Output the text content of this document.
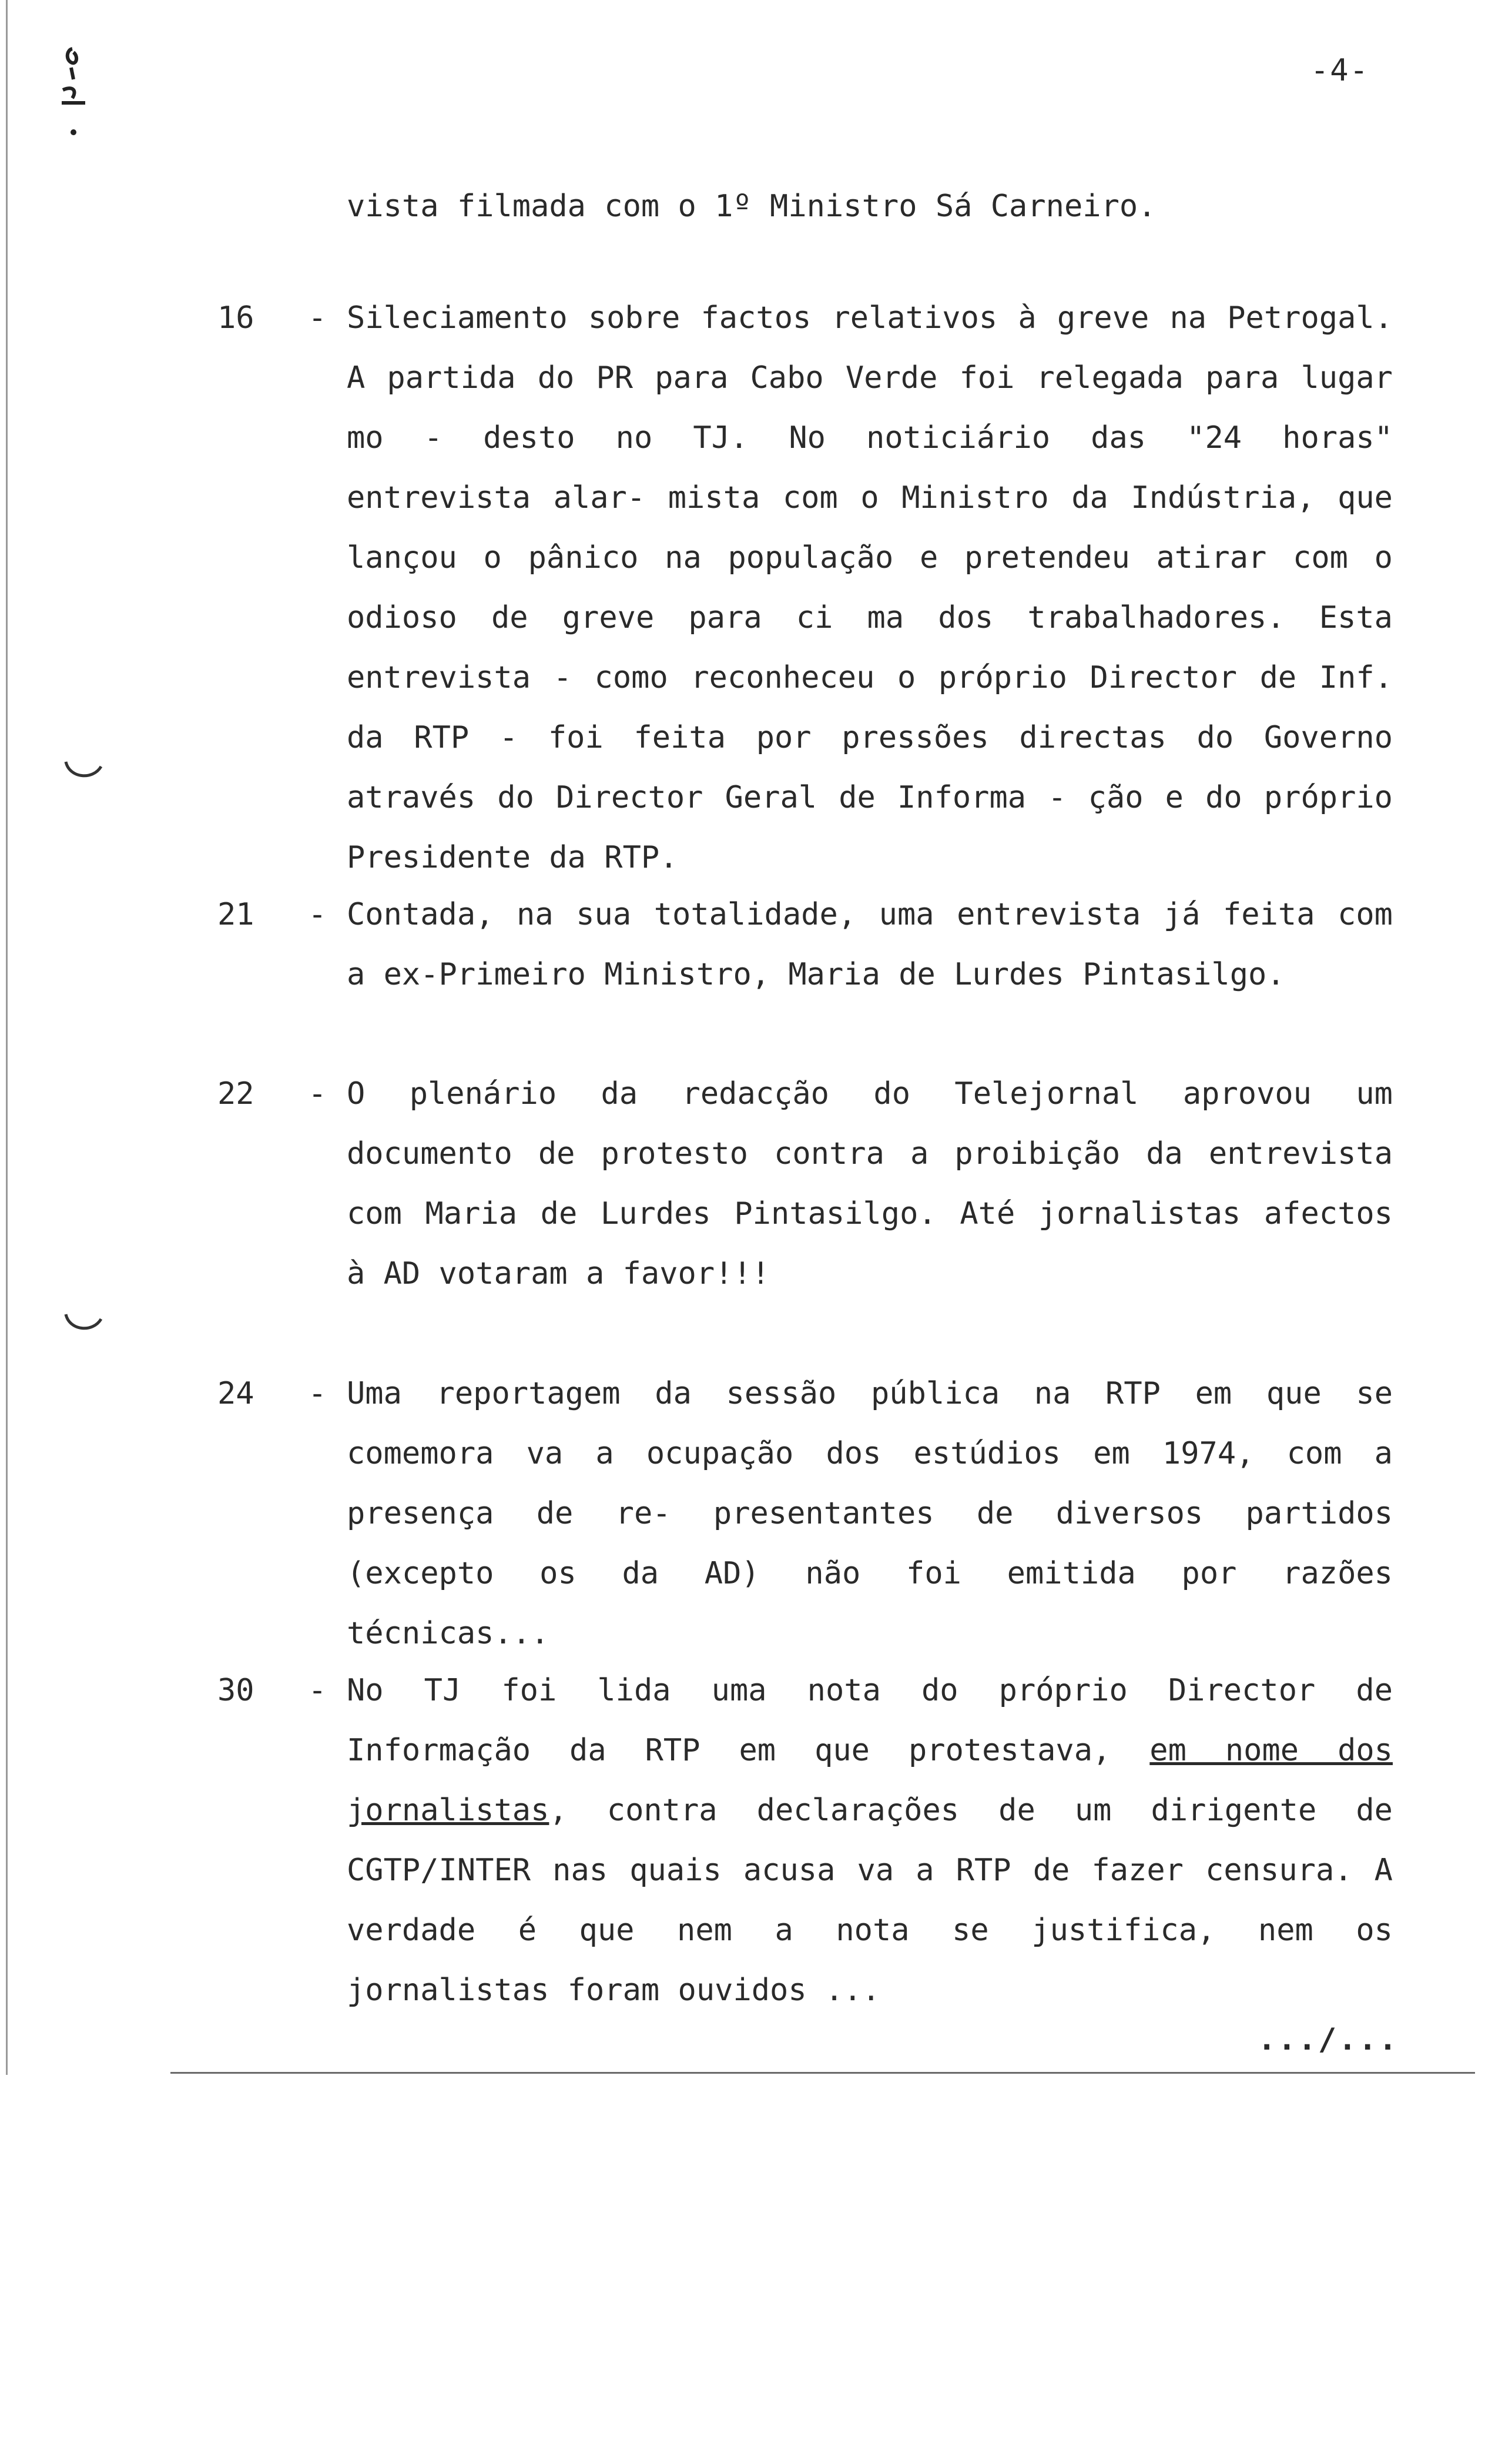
-4-

vista filmada com o 1º Ministro Sá Carneiro.

16	- Sileciamento sobre factos relativos à greve na Petrogal. A partida do PR para Cabo Verde foi relegada para lugar mo - desto no TJ. No noticiário das "24 horas" entrevista alar- mista com o Ministro da Indústria, que lançou o pânico na população e pretendeu atirar com o odioso de greve para ci ma dos trabalhadores. Esta entrevista - como reconheceu o próprio Director de Inf. da RTP - foi feita por pressões directas do Governo através do Director Geral de Informa - ção e do próprio Presidente da RTP.

21	- Contada, na sua totalidade, uma entrevista já feita com a ex-Primeiro Ministro, Maria de Lurdes Pintasilgo.

22	- O plenário da redacção do Telejornal aprovou um documento de protesto contra a proibição da entrevista com Maria de Lurdes Pintasilgo. Até jornalistas afectos à AD votaram a favor!!!

24	- Uma reportagem da sessão pública na RTP em que se comemora va a ocupação dos estúdios em 1974, com a presença de re- presentantes de diversos partidos (excepto os da AD) não foi emitida por razões técnicas...

30	- No TJ foi lida uma nota do próprio Director de Informação da RTP em que protestava, em nome dos jornalistas, contra declarações de um dirigente de CGTP/INTER nas quais acusa va a RTP de fazer censura. A verdade é que nem a nota se justifica, nem os jornalistas foram ouvidos ...

.../...
